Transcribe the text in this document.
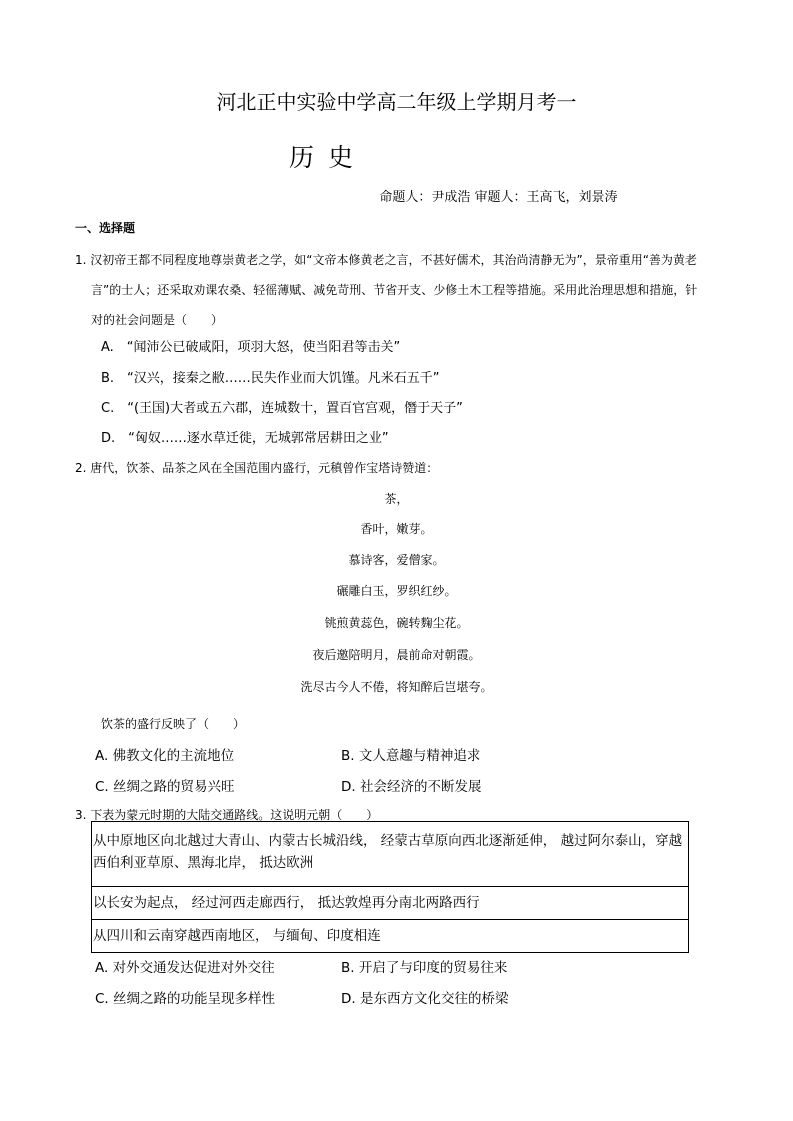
河北正中实验中学高二年级上学期月考一
历史
命题人：尹成浩 审题人：王高飞，刘景涛
一、选择题
1. 汉初帝王都不同程度地尊崇黄老之学，如“文帝本修黄老之言，不甚好儒术，其治尚清静无为”，景帝重用“善为黄老
言”的士人；还采取劝课农桑、轻徭薄赋、减免苛刑、节省开支、少修土木工程等措施。采用此治理思想和措施，针
对的社会问题是（　　）
A.　“闻沛公已破咸阳，项羽大怒，使当阳君等击关”
B.　“汉兴，接秦之敝……民失作业而大饥馑。凡米石五千”
C.　“(王国)大者或五六郡，连城数十，置百官宫观，僭于天子”
D.　“匈奴……逐水草迁徙，无城郭常居耕田之业”
2. 唐代，饮茶、品茶之风在全国范围内盛行，元稹曾作宝塔诗赞道：
茶，
香叶，嫩芽。
慕诗客，爱僧家。
碾雕白玉，罗织红纱。
铫煎黄蕊色，碗转麴尘花。
夜后邀陪明月，晨前命对朝霞。
洗尽古今人不倦，将知醉后岂堪夸。
饮茶的盛行反映了（　　）
A. 佛教文化的主流地位	B. 文人意趣与精神追求
C. 丝绸之路的贸易兴旺	D. 社会经济的不断发展
3. 下表为蒙元时期的大陆交通路线。这说明元朝（　　）
从中原地区向北越过大青山、内蒙古长城沿线， 经蒙古草原向西北逐渐延伸， 越过阿尔泰山，穿越西伯利亚草原、黑海北岸， 抵达欧洲
以长安为起点， 经过河西走廊西行， 抵达敦煌再分南北两路西行
从四川和云南穿越西南地区， 与缅甸、印度相连
A. 对外交通发达促进对外交往	B. 开启了与印度的贸易往来
C. 丝绸之路的功能呈现多样性	D. 是东西方文化交往的桥梁
